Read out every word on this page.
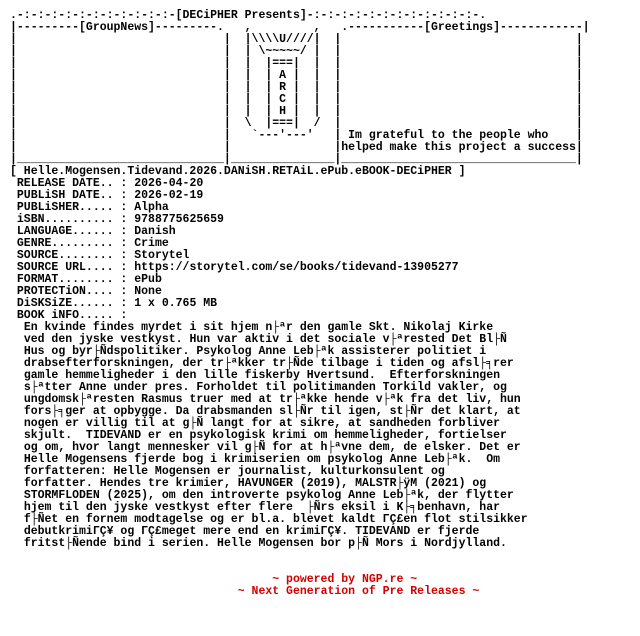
.-:-:-:-:-:-:-:-:-:-:-:-[DECiPHER Presents]-:-:-:-:-:-:-:-:-:-:-:-:-.
|---------[GroupNews]---------.   ,         ,   .-----------[Greetings]------------|
|                              |  |\\\\U////|  |                                  |
|                              |  | \~~~~~/ |  |                                  |
|                              |  |  |===|  |  |                                  |
|                              |  |  | A |  |  |                                  |
|                              |  |  | R |  |  |                                  |
|                              |  |  | C |  |  |                                  |
|                              |  |  | H |  |  |                                  |
|                              |  \  |===|  /  |                                  |
|                              |   `---'---'   | Im grateful to the people who    |
|                              |               |helped make this project a success|
|______________________________|_______________|__________________________________|
[ Helle.Mogensen.Tidevand.2026.DANiSH.RETAiL.ePub.eBOOK-DECiPHER ]
RELEASE DATE.. : 2026-04-20
PUBLiSH DATE.. : 2026-02-19
PUBLiSHER..... : Alpha
iSBN.......... : 9788775625659
LANGUAGE...... : Danish
GENRE......... : Crime
SOURCE........ : Storytel
SOURCE URL.... : https://storytel.com/se/books/tidevand-13905277
FORMAT........ : ePub
PROTECTiON.... : None
DiSKSiZE...... : 1 x 0.765 MB
BOOK iNFO..... :
En kvinde findes myrdet i sit hjem n├ªr den gamle Skt. Nikolaj Kirke
ved den jyske vestkyst. Hun var aktiv i det sociale v├ªrested Det Bl├Ñ
Hus og byr├Ñdspolitiker. Psykolog Anne Leb├ªk assisterer politiet i
drabsefterforskningen, der tr├ªkker tr├Ñde tilbage i tiden og afsl├╕rer
gamle hemmeligheder i den lille fiskerby Hvertsund.  Efterforskningen
s├ªtter Anne under pres. Forholdet til politimanden Torkild vakler, og
ungdomsk├ªresten Rasmus truer med at tr├ªkke hende v├ªk fra det liv, hun
fors├╕ger at opbygge. Da drabsmanden sl├Ñr til igen, st├Ñr det klart, at
nogen er villig til at g├Ñ langt for at sikre, at sandheden forbliver
skjult.  TIDEVAND er en psykologisk krimi om hemmeligheder, fortielser
og om, hvor langt mennesker vil g├Ñ for at h├ªvne dem, de elsker. Det er
Helle Mogensens fjerde bog i krimiserien om psykolog Anne Leb├ªk.  Om
forfatteren: Helle Mogensen er journalist, kulturkonsulent og
forfatter. Hendes tre krimier, HAVUNGER (2019), MALSTR├ÿM (2021) og
STORMFLODEN (2025), om den introverte psykolog Anne Leb├ªk, der flytter
hjem til den jyske vestkyst efter flere  ├Ñrs eksil i K├╕benhavn, har
f├Ñet en fornem modtagelse og er bl.a. blevet kaldt ΓÇ£en flot stilsikker
debutkrimiΓÇ¥ og ΓÇ£meget mere end en krimiΓÇ¥. TIDEVAND er fjerde
fritst├Ñende bind i serien. Helle Mogensen bor p├Ñ Mors i Nordjylland.

~ powered by NGP.re ~
~ Next Generation of Pre Releases ~
